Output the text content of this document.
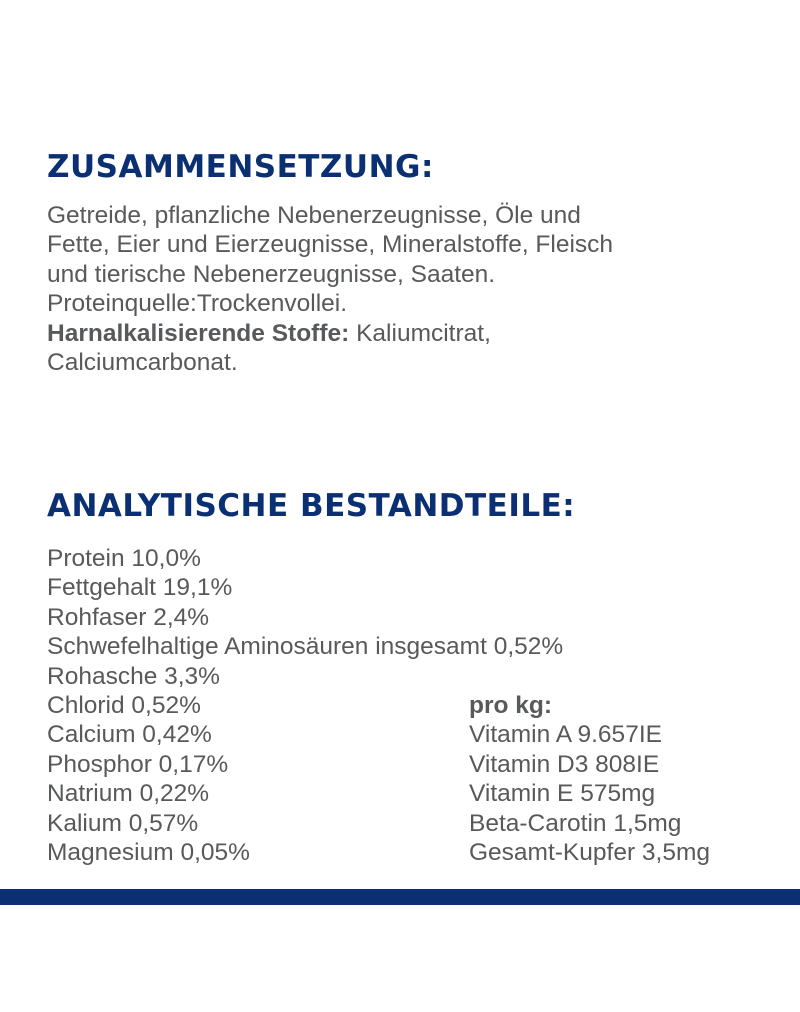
ZUSAMMENSETZUNG:
Getreide, pflanzliche Nebenerzeugnisse, Öle und
Fette, Eier und Eierzeugnisse, Mineralstoffe, Fleisch
und tierische Nebenerzeugnisse, Saaten.
Proteinquelle:Trockenvollei.
Harnalkalisierende Stoffe: Kaliumcitrat,
Calciumcarbonat.
ANALYTISCHE BESTANDTEILE:
Protein 10,0%
Fettgehalt 19,1%
Rohfaser 2,4%
Schwefelhaltige Aminosäuren insgesamt 0,52%
Rohasche 3,3%
Chlorid 0,52%
Calcium 0,42%
Phosphor 0,17%
Natrium 0,22%
Kalium 0,57%
Magnesium 0,05%
pro kg:
Vitamin A 9.657IE
Vitamin D3 808IE
Vitamin E 575mg
Beta-Carotin 1,5mg
Gesamt-Kupfer 3,5mg
